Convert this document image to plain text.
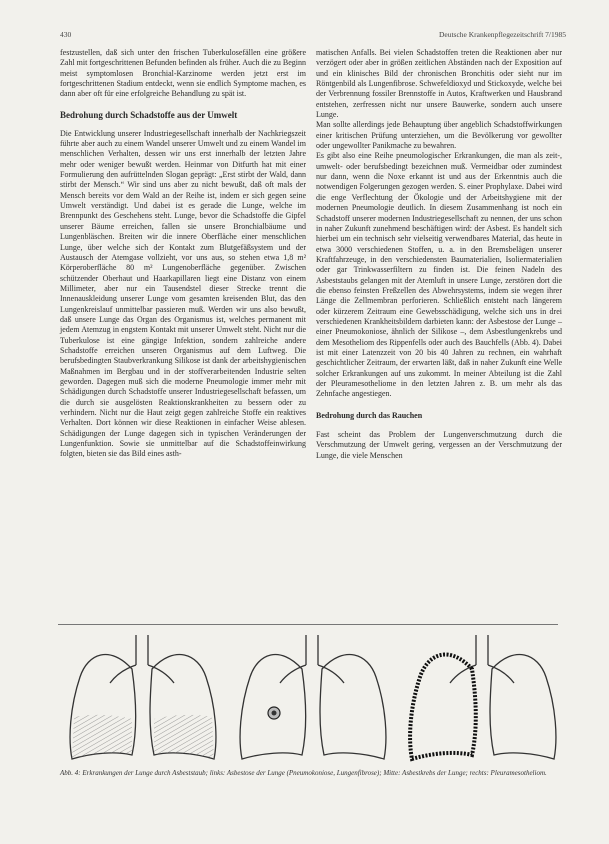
430	Deutsche Krankenpflegezeitschrift 7/1985

festzustellen, daß sich unter den frischen Tuberkulosefällen eine größere Zahl mit fortgeschrittenen Befunden befinden als früher. Auch die zu Beginn meist symptomlosen Bronchial-Karzinome werden jetzt erst im fortgeschrittenen Stadium entdeckt, wenn sie endlich Symptome machen, es dann aber oft für eine erfolgreiche Behandlung zu spät ist.

Bedrohung durch Schadstoffe aus der Umwelt

Die Entwicklung unserer Industriegesellschaft innerhalb der Nachkriegszeit führte aber auch zu einem Wandel unserer Umwelt und zu einem Wandel im menschlichen Verhalten, dessen wir uns erst innerhalb der letzten Jahre mehr oder weniger bewußt werden. Heinmar von Ditfurth hat mit einer Formulierung den aufrüttelnden Slogan geprägt: „Erst stirbt der Wald, dann stirbt der Mensch.“ Wir sind uns aber zu nicht bewußt, daß oft mals der Mensch bereits vor dem Wald an der Reihe ist, indem er sich gegen seine Umwelt verständigt. Und dabei ist es gerade die Lunge, welche im Brennpunkt des Geschehens steht. Lunge, bevor die Schadstoffe die Gipfel unserer Bäume erreichen, fallen sie unsere Bronchialbäume und Lungenbläschen. Breiten wir die innere Oberfläche einer menschlichen Lunge, über welche sich der Kontakt zum Blutgefäßsystem und der Austausch der Atemgase vollzieht, vor uns aus, so stehen etwa 1,8 m² Körperoberfläche 80 m² Lungenoberfläche gegenüber. Zwischen schützender Oberhaut und Haarkapillaren liegt eine Distanz von einem Millimeter, aber nur ein Tausendstel dieser Strecke trennt die Innenauskleidung unserer Lunge vom gesamten kreisenden Blut, das den Lungenkreislauf unmittelbar passieren muß. Werden wir uns also bewußt, daß unsere Lunge das Organ des Organismus ist, welches permanent mit jedem Atemzug in engstem Kontakt mit unserer Umwelt steht. Nicht nur die Tuberkulose ist eine gängige Infektion, sondern zahlreiche andere Schadstoffe erreichen unseren Organismus auf dem Luftweg. Die berufsbedingten Staubverkrankung Silikose ist dank der arbeitshygienischen Maßnahmen im Bergbau und in der stoffverarbeitenden Industrie selten geworden. Dagegen muß sich die moderne Pneumologie immer mehr mit Schädigungen durch Schadstoffe unserer Industriegesellschaft befassen, um die durch sie ausgelösten Reaktionskrankheiten zu bessern oder zu verhindern. Nicht nur die Haut zeigt gegen zahlreiche Stoffe ein reaktives Verhalten. Dort können wir diese Reaktionen in einfacher Weise ablesen. Schädigungen der Lunge dagegen sich in typischen Veränderungen der Lungenfunktion. Sowie sie unmittelbar auf die Schadstoffeinwirkung folgten, bieten sie das Bild eines asth-

matischen Anfalls. Bei vielen Schadstoffen treten die Reaktionen aber nur verzögert oder aber in größen zeitlichen Abständen nach der Exposition auf und ein klinisches Bild der chronischen Bronchitis oder sieht nur im Röntgenbild als Lungenfibrose. Schwefeldioxyd und Stickoxyde, welche bei der Verbrennung fossiler Brennstoffe in Autos, Kraftwerken und Hausbrand entstehen, zerfressen nicht nur unsere Bauwerke, sondern auch unsere Lunge.

Man sollte allerdings jede Behauptung über angeblich Schadstoffwirkungen einer kritischen Prüfung unterziehen, um die Bevölkerung vor gewollter oder ungewollter Panikmache zu bewahren.

Es gibt also eine Reihe pneumologischer Erkrankungen, die man als zeit-, umwelt- oder berufsbedingt bezeichnen muß. Vermeidbar oder zumindest nur dann, wenn die Noxe erkannt ist und aus der Erkenntnis auch die notwendigen Folgerungen gezogen werden. S. einer Prophylaxe. Dabei wird die enge Verflechtung der Ökologie und der Arbeitshygiene mit der modernen Pneumologie deutlich. In diesem Zusammenhang ist noch ein Schadstoff unserer modernen Industriegesellschaft zu nennen, der uns schon in naher Zukunft zunehmend beschäftigen wird: der Asbest. Es handelt sich hierbei um ein technisch sehr vielseitig verwendbares Material, das heute in etwa 3000 verschiedenen Stoffen, u. a. in den Bremsbelägen unserer Kraftfahrzeuge, in den verschiedensten Baumaterialien, Isoliermaterialien oder gar Trinkwasserfiltern zu finden ist. Die feinen Nadeln des Asbeststaubs gelangen mit der Atemluft in unsere Lunge, zerstören dort die die ebenso feinsten Freßzellen des Abwehrsystems, indem sie wegen ihrer Länge die Zellmembran perforieren. Schließlich entsteht nach längerem oder kürzerem Zeitraum eine Gewebsschädigung, welche sich uns in drei verschiedenen Krankheitsbildern darbieten kann: der Asbestose der Lunge – einer Pneumokoniose, ähnlich der Silikose –, dem Asbestlungenkrebs und dem Mesotheliom des Rippenfells oder auch des Bauchfells (Abb. 4). Dabei ist mit einer Latenzzeit von 20 bis 40 Jahren zu rechnen, ein wahrhaft geschichtlicher Zeitraum, der erwarten läßt, daß in naher Zukunft eine Welle solcher Erkrankungen auf uns zukommt. In meiner Abteilung ist die Zahl der Pleuramesotheliome in den letzten Jahren z. B. um mehr als das Zehnfache angestiegen.

Bedrohung durch das Rauchen

Fast scheint das Problem der Lungenverschmutzung durch die Verschmutzung der Umwelt gering, vergessen an der Verschmutzung der Lunge, die viele Menschen

Abb. 4: Erkrankungen der Lunge durch Asbeststaub; links: Asbestose der Lunge (Pneumokoniose, Lungenfibrose); Mitte: Asbestkrebs der Lunge; rechts: Pleuramesotheliom.
